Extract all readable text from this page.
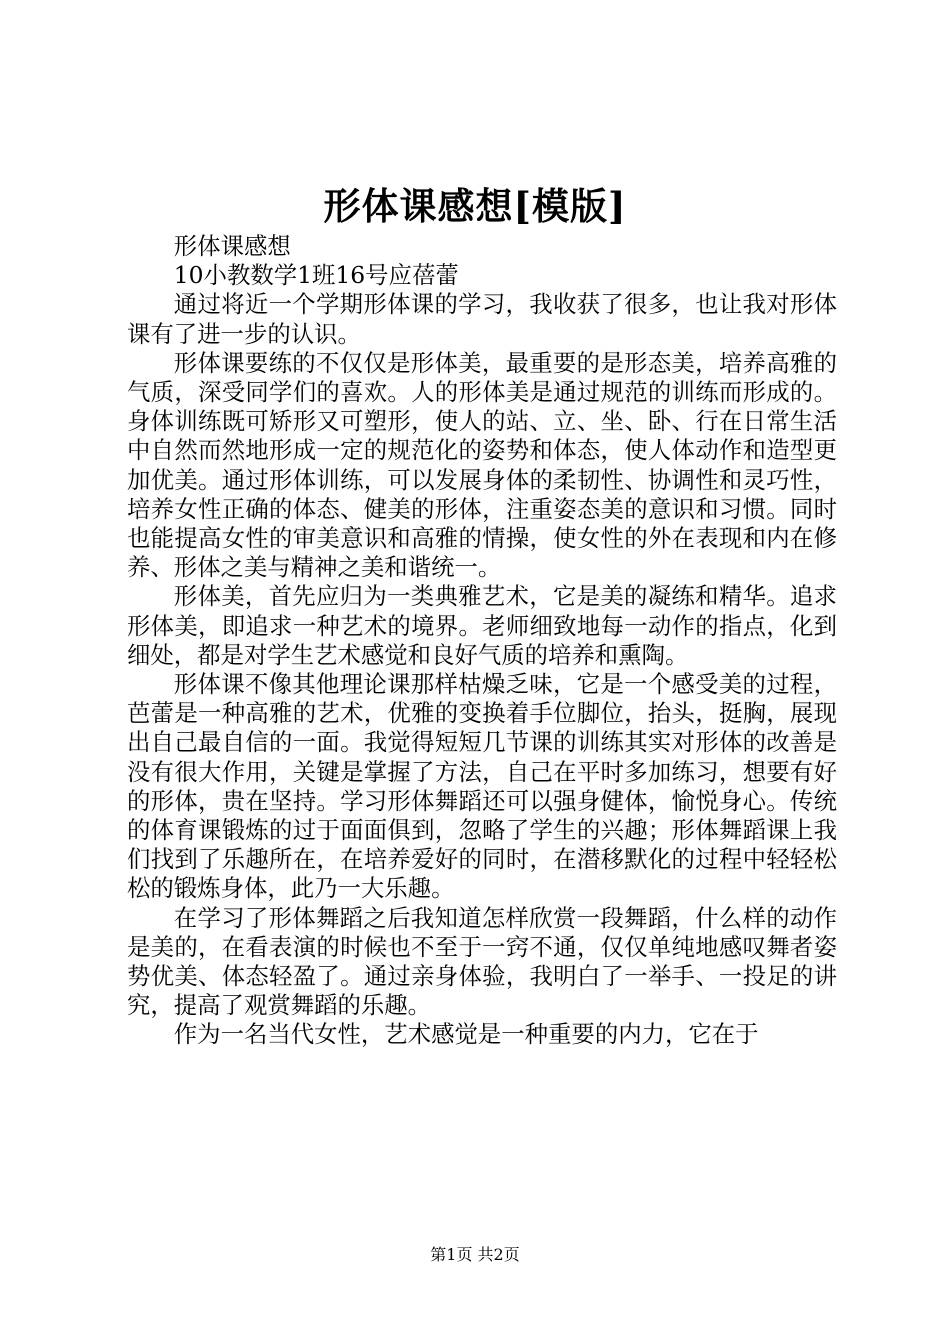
形体课感想[模版]

形体课感想

10小教数学1班16号应蓓蕾

通过将近一个学期形体课的学习，我收获了很多，也让我对形体课有了进一步的认识。

形体课要练的不仅仅是形体美，最重要的是形态美，培养高雅的气质，深受同学们的喜欢。人的形体美是通过规范的训练而形成的。身体训练既可矫形又可塑形，使人的站、立、坐、卧、行在日常生活中自然而然地形成一定的规范化的姿势和体态，使人体动作和造型更加优美。通过形体训练，可以发展身体的柔韧性、协调性和灵巧性，培养女性正确的体态、健美的形体，注重姿态美的意识和习惯。同时也能提高女性的审美意识和高雅的情操，使女性的外在表现和内在修养、形体之美与精神之美和谐统一。

形体美，首先应归为一类典雅艺术，它是美的凝练和精华。追求形体美，即追求一种艺术的境界。老师细致地每一动作的指点，化到细处，都是对学生艺术感觉和良好气质的培养和熏陶。

形体课不像其他理论课那样枯燥乏味，它是一个感受美的过程，芭蕾是一种高雅的艺术，优雅的变换着手位脚位，抬头，挺胸，展现出自己最自信的一面。我觉得短短几节课的训练其实对形体的改善是没有很大作用，关键是掌握了方法，自己在平时多加练习，想要有好的形体，贵在坚持。学习形体舞蹈还可以强身健体，愉悦身心。传统的体育课锻炼的过于面面俱到，忽略了学生的兴趣；形体舞蹈课上我们找到了乐趣所在，在培养爱好的同时，在潜移默化的过程中轻轻松松的锻炼身体，此乃一大乐趣。

在学习了形体舞蹈之后我知道怎样欣赏一段舞蹈，什么样的动作是美的，在看表演的时候也不至于一窍不通，仅仅单纯地感叹舞者姿势优美、体态轻盈了。通过亲身体验，我明白了一举手、一投足的讲究，提高了观赏舞蹈的乐趣。

作为一名当代女性，艺术感觉是一种重要的内力，它在于

第1页 共2页
